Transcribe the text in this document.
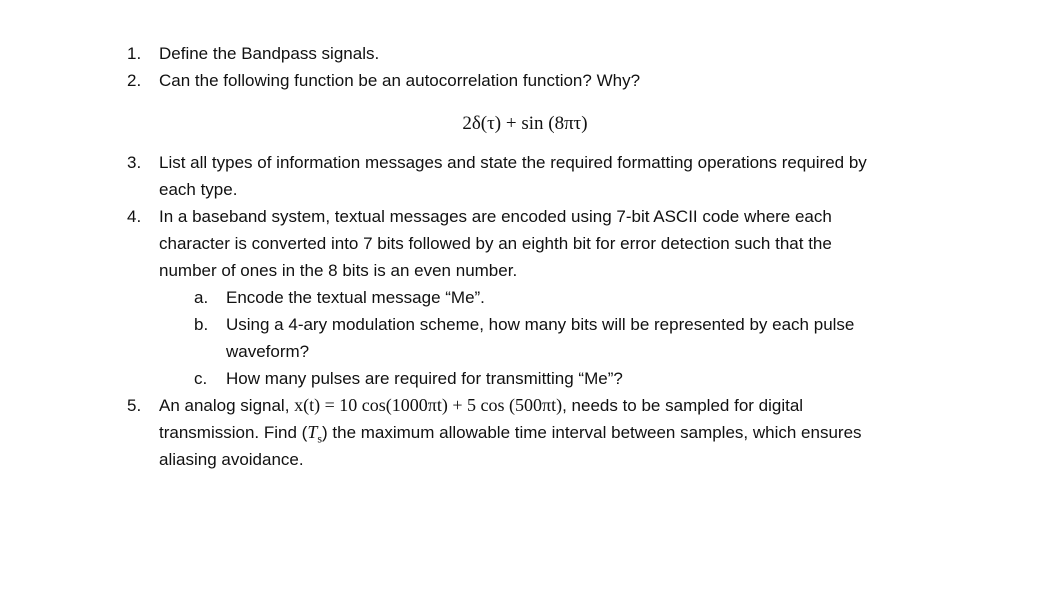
1. Define the Bandpass signals.

2. Can the following function be an autocorrelation function? Why?

2δ(τ) + sin (8πτ)

3. List all types of information messages and state the required formatting operations required by

each type.

4. In a baseband system, textual messages are encoded using 7-bit ASCII code where each

character is converted into 7 bits followed by an eighth bit for error detection such that the

number of ones in the 8 bits is an even number.

a. Encode the textual message “Me”.

b. Using a 4-ary modulation scheme, how many bits will be represented by each pulse

waveform?

c. How many pulses are required for transmitting “Me”?

5. An analog signal, x(t) = 10 cos(1000πt) + 5 cos (500πt), needs to be sampled for digital

transmission. Find $(T_s)$ the maximum allowable time interval between samples, which ensures

aliasing avoidance.
